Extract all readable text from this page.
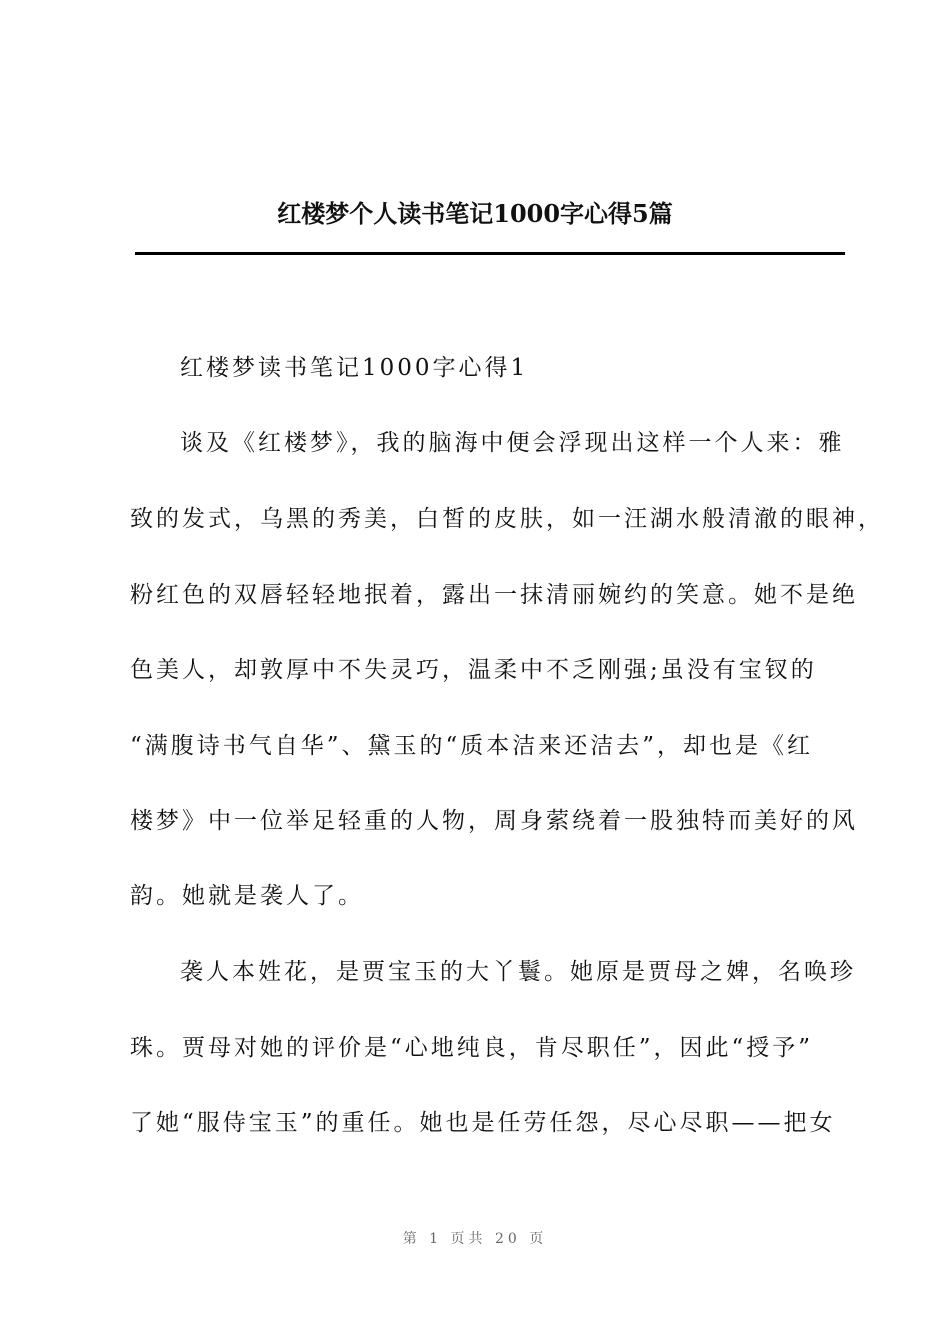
红楼梦个人读书笔记1000字心得5篇
红楼梦读书笔记1000字心得1
谈及《红楼梦》，我的脑海中便会浮现出这样一个人来：雅
致的发式，乌黑的秀美，白皙的皮肤，如一汪湖水般清澈的眼神，
粉红色的双唇轻轻地抿着，露出一抹清丽婉约的笑意。她不是绝
色美人，却敦厚中不失灵巧，温柔中不乏刚强;虽没有宝钗的
“满腹诗书气自华”、黛玉的“质本洁来还洁去”，却也是《红
楼梦》中一位举足轻重的人物，周身萦绕着一股独特而美好的风
韵。她就是袭人了。
袭人本姓花，是贾宝玉的大丫鬟。她原是贾母之婢，名唤珍
珠。贾母对她的评价是“心地纯良，肯尽职任”，因此“授予”
了她“服侍宝玉”的重任。她也是任劳任怨，尽心尽职——把女
第 1 页共 20 页
